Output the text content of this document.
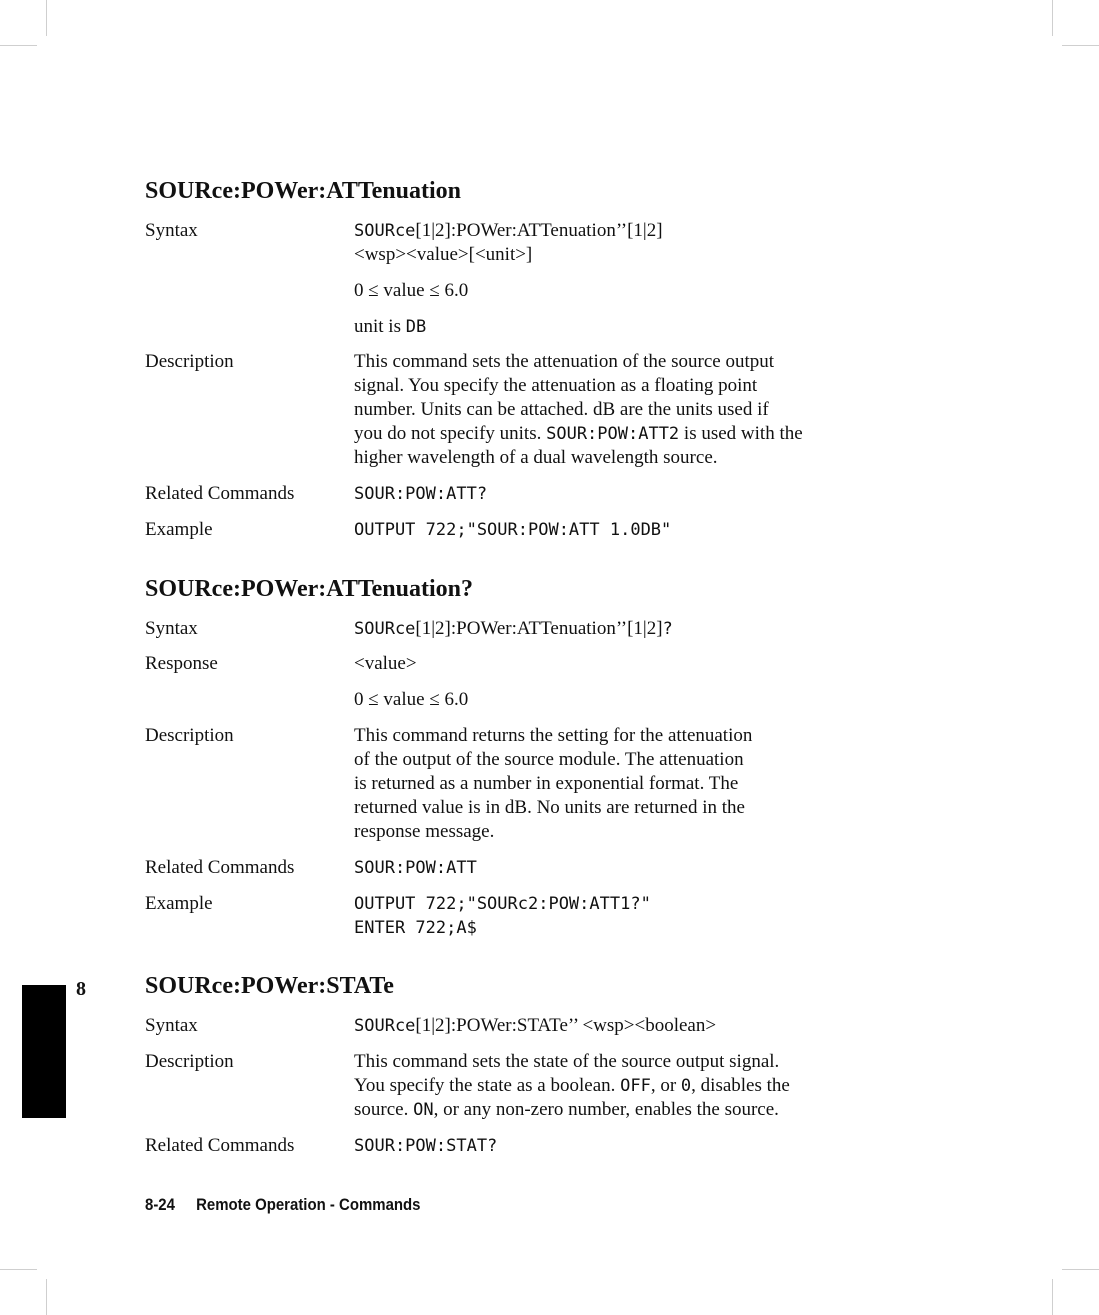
SOURce:POWer:ATTenuation
Syntax	SOURce[1|2]:POWer:ATTenuation’’[1|2]
<wsp><value>[<unit>]
0 ≤ value ≤ 6.0
unit is DB
Description	This command sets the attenuation of the source output
signal. You specify the attenuation as a floating point
number. Units can be attached. dB are the units used if
you do not specify units. SOUR:POW:ATT2 is used with the
higher wavelength of a dual wavelength source.
Related Commands	SOUR:POW:ATT?
Example	OUTPUT 722;"SOUR:POW:ATT 1.0DB"
SOURce:POWer:ATTenuation?
Syntax	SOURce[1|2]:POWer:ATTenuation’’[1|2]?
Response	<value>
0 ≤ value ≤ 6.0
Description	This command returns the setting for the attenuation
of the output of the source module. The attenuation
is returned as a number in exponential format. The
returned value is in dB. No units are returned in the
response message.
Related Commands	SOUR:POW:ATT
Example	OUTPUT 722;"SOURc2:POW:ATT1?"
ENTER 722;A$
SOURce:POWer:STATe
Syntax	SOURce[1|2]:POWer:STATe’’ <wsp><boolean>
Description	This command sets the state of the source output signal.
You specify the state as a boolean. OFF, or 0, disables the
source. ON, or any non-zero number, enables the source.
Related Commands	SOUR:POW:STAT?
8
8-24 Remote Operation - Commands
